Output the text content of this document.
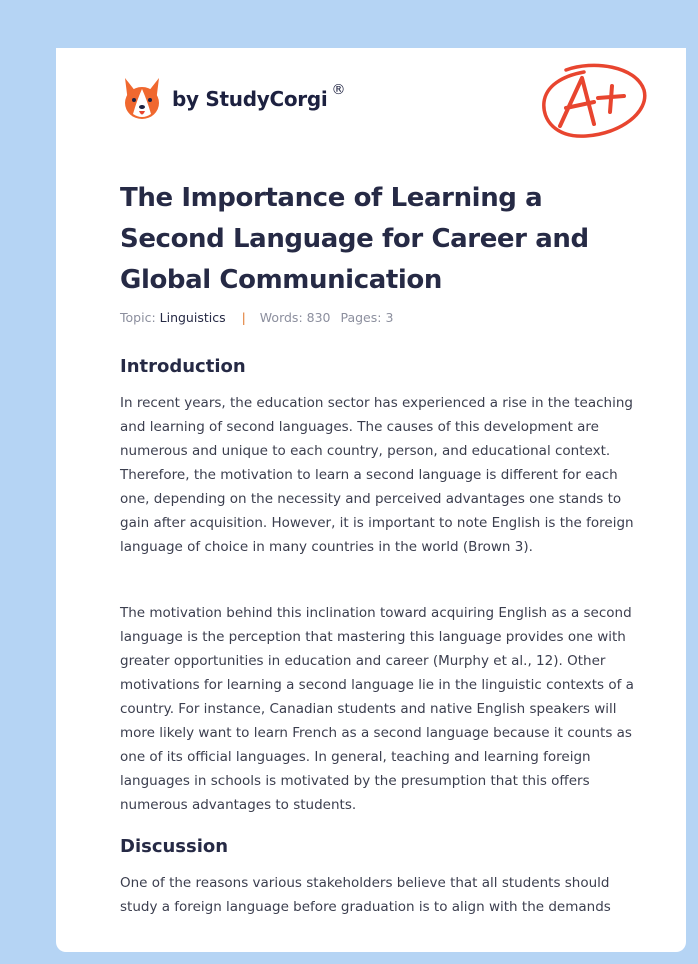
by StudyCorgi ®
The Importance of Learning a Second Language for Career and Global Communication
Topic: Linguistics | Words: 830 Pages: 3
Introduction

In recent years, the education sector has experienced a rise in the teaching and learning of second languages. The causes of this development are numerous and unique to each country, person, and educational context. Therefore, the motivation to learn a second language is different for each one, depending on the necessity and perceived advantages one stands to gain after acquisition. However, it is important to note English is the foreign language of choice in many countries in the world (Brown 3).

The motivation behind this inclination toward acquiring English as a second language is the perception that mastering this language provides one with greater opportunities in education and career (Murphy et al., 12). Other motivations for learning a second language lie in the linguistic contexts of a country. For instance, Canadian students and native English speakers will more likely want to learn French as a second language because it counts as one of its official languages. In general, teaching and learning foreign languages in schools is motivated by the presumption that this offers numerous advantages to students.

Discussion

One of the reasons various stakeholders believe that all students should study a foreign language before graduation is to align with the demands
